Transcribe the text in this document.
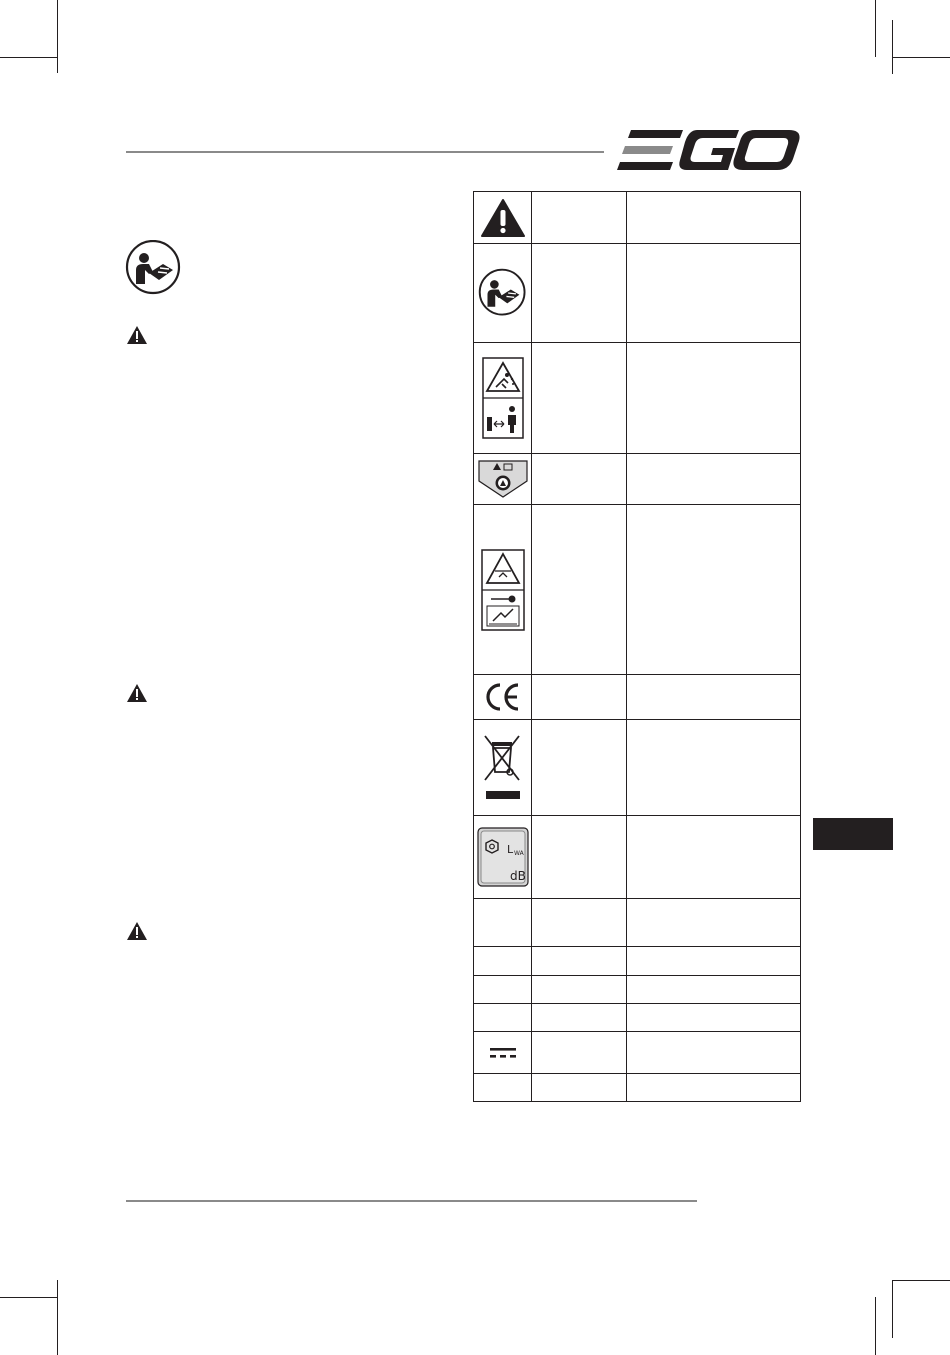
L WA
dB		
